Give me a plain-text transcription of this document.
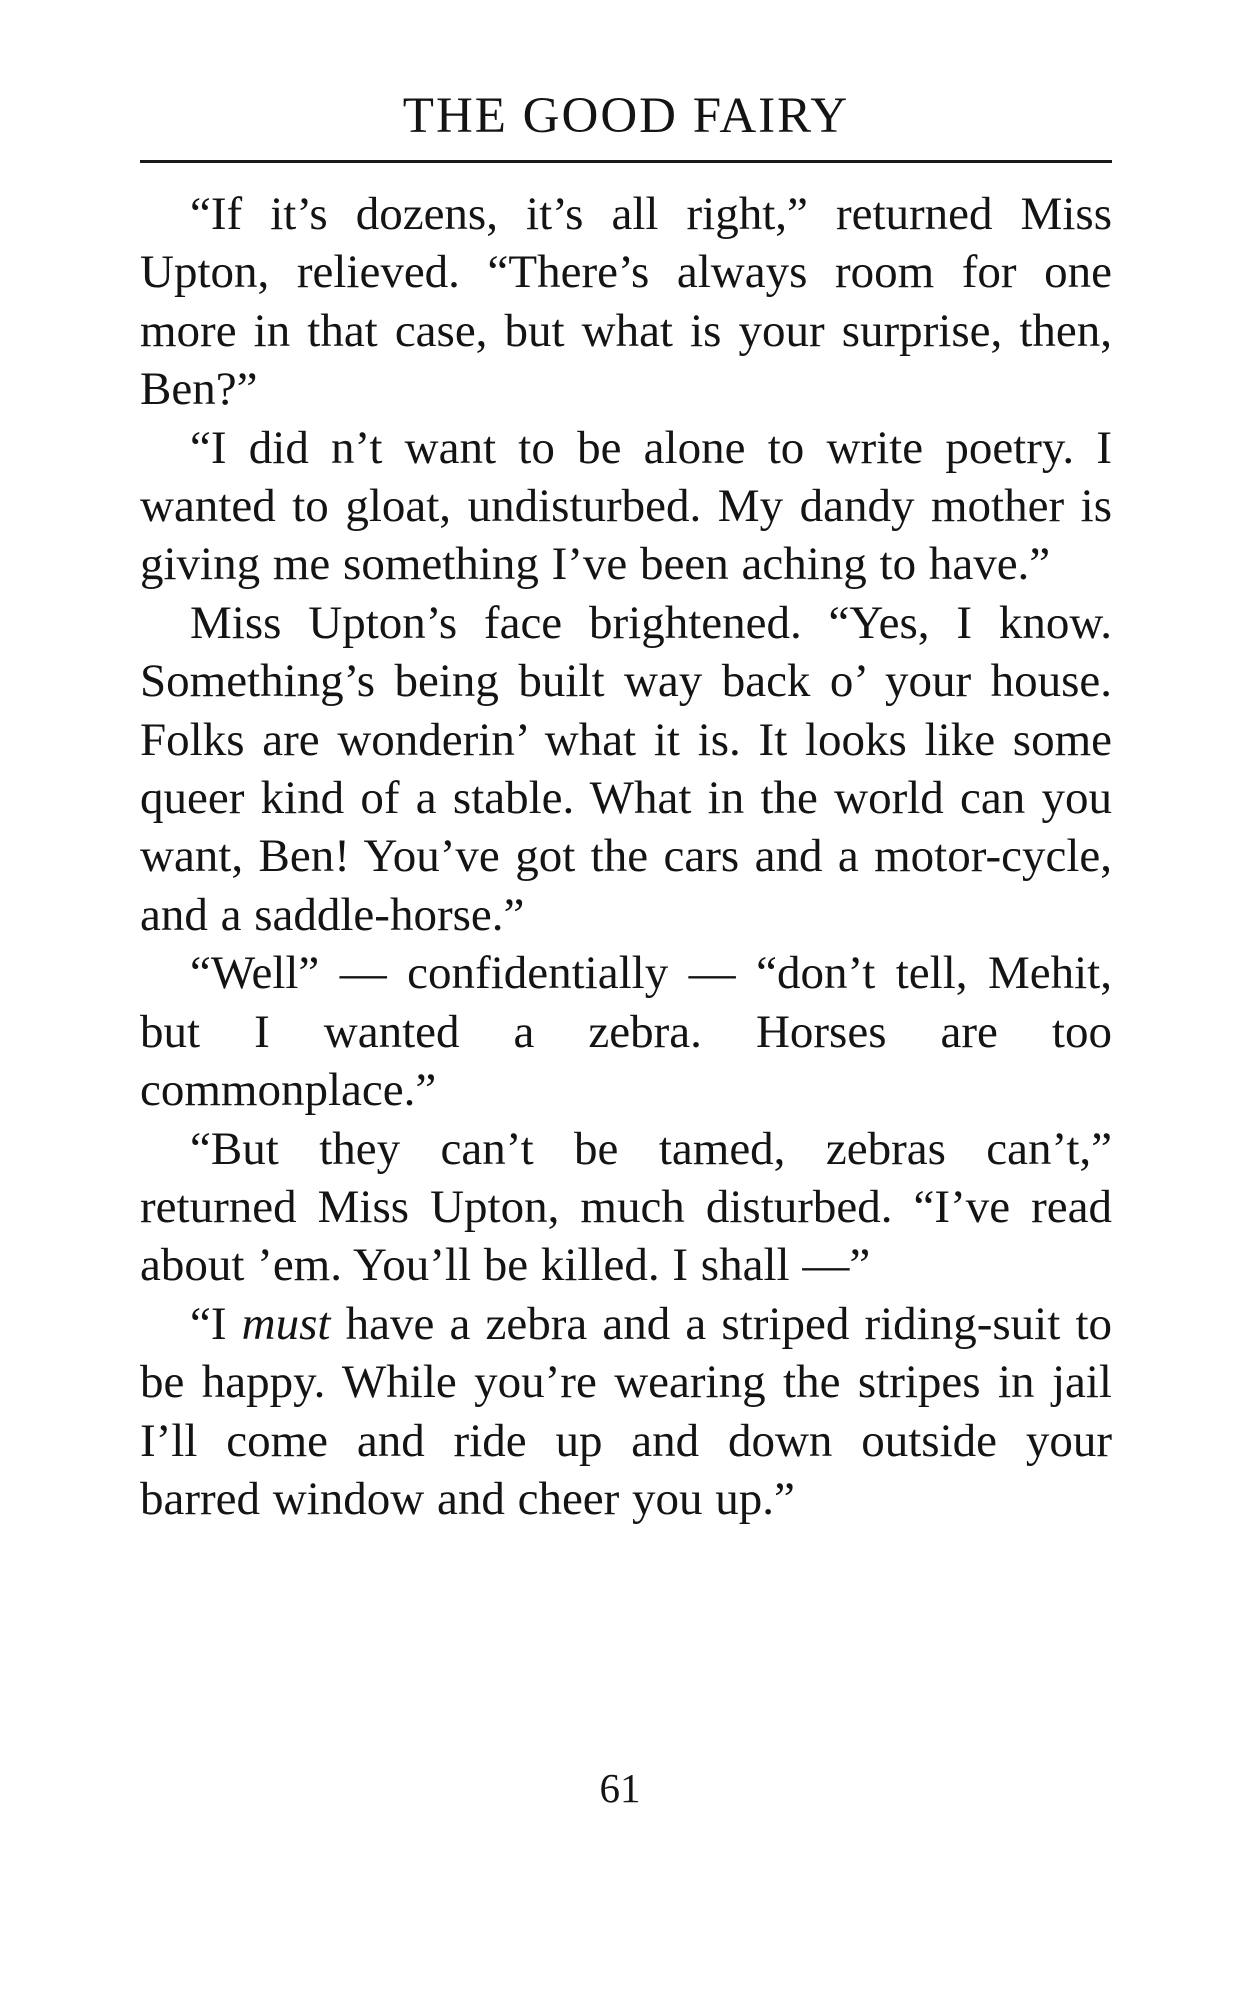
THE GOOD FAIRY

“If it’s dozens, it’s all right,” returned Miss Upton, relieved. “There’s always room for one more in that case, but what is your surprise, then, Ben?”

“I did n’t want to be alone to write poetry. I wanted to gloat, undisturbed. My dandy mother is giving me something I’ve been aching to have.”

Miss Upton’s face brightened. “Yes, I know. Something’s being built way back o’ your house. Folks are wonderin’ what it is. It looks like some queer kind of a stable. What in the world can you want, Ben! You’ve got the cars and a motor-cycle, and a saddle-horse.”

“Well” — confidentially — “don’t tell, Mehit, but I wanted a zebra. Horses are too commonplace.”

“But they can’t be tamed, zebras can’t,” returned Miss Upton, much disturbed. “I’ve read about ’em. You’ll be killed. I shall —”

“I must have a zebra and a striped riding-suit to be happy. While you’re wearing the stripes in jail I’ll come and ride up and down outside your barred window and cheer you up.”

61
